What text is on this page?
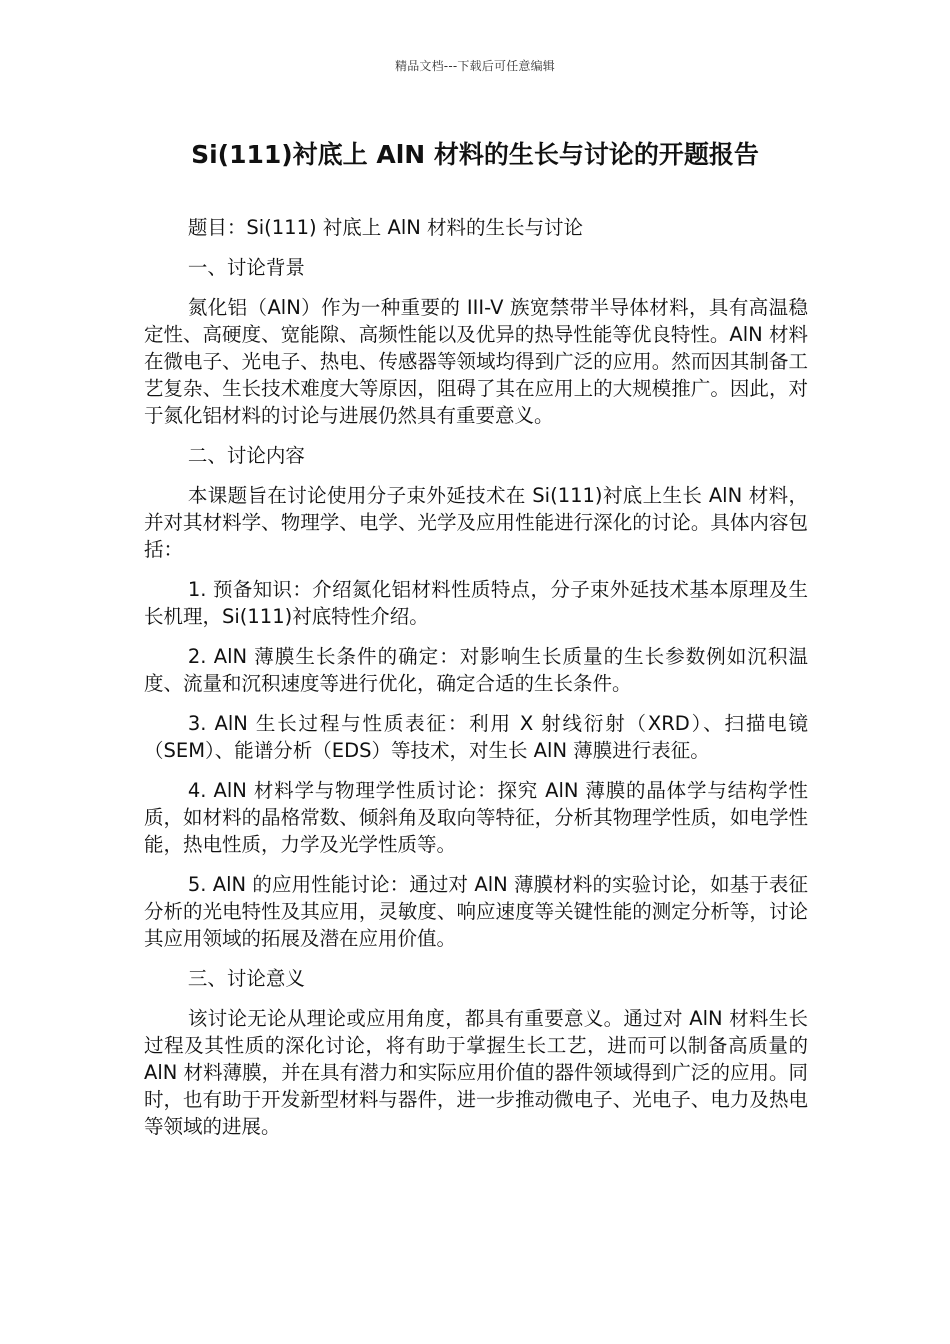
精品文档---下载后可任意编辑
Si(111)衬底上 AlN 材料的生长与讨论的开题报告

题目：Si(111) 衬底上 AlN 材料的生长与讨论

一、讨论背景

氮化铝（AlN）作为一种重要的 III-V 族宽禁带半导体材料，具有高温稳定性、高硬度、宽能隙、高频性能以及优异的热导性能等优良特性。AlN 材料在微电子、光电子、热电、传感器等领域均得到广泛的应用。然而因其制备工艺复杂、生长技术难度大等原因，阻碍了其在应用上的大规模推广。因此，对于氮化铝材料的讨论与进展仍然具有重要意义。

二、讨论内容

本课题旨在讨论使用分子束外延技术在 Si(111)衬底上生长 AlN 材料，并对其材料学、物理学、电学、光学及应用性能进行深化的讨论。具体内容包括：

1. 预备知识：介绍氮化铝材料性质特点，分子束外延技术基本原理及生长机理，Si(111)衬底特性介绍。

2. AlN 薄膜生长条件的确定：对影响生长质量的生长参数例如沉积温度、流量和沉积速度等进行优化，确定合适的生长条件。

3. AlN 生长过程与性质表征：利用 X 射线衍射（XRD）、扫描电镜（SEM）、能谱分析（EDS）等技术，对生长 AlN 薄膜进行表征。

4. AlN 材料学与物理学性质讨论：探究 AlN 薄膜的晶体学与结构学性质，如材料的晶格常数、倾斜角及取向等特征，分析其物理学性质，如电学性能，热电性质，力学及光学性质等。

5. AlN 的应用性能讨论：通过对 AlN 薄膜材料的实验讨论，如基于表征分析的光电特性及其应用，灵敏度、响应速度等关键性能的测定分析等，讨论其应用领域的拓展及潜在应用价值。

三、讨论意义

该讨论无论从理论或应用角度，都具有重要意义。通过对 AlN 材料生长过程及其性质的深化讨论，将有助于掌握生长工艺，进而可以制备高质量的 AlN 材料薄膜，并在具有潜力和实际应用价值的器件领域得到广泛的应用。同时，也有助于开发新型材料与器件，进一步推动微电子、光电子、电力及热电等领域的进展。
